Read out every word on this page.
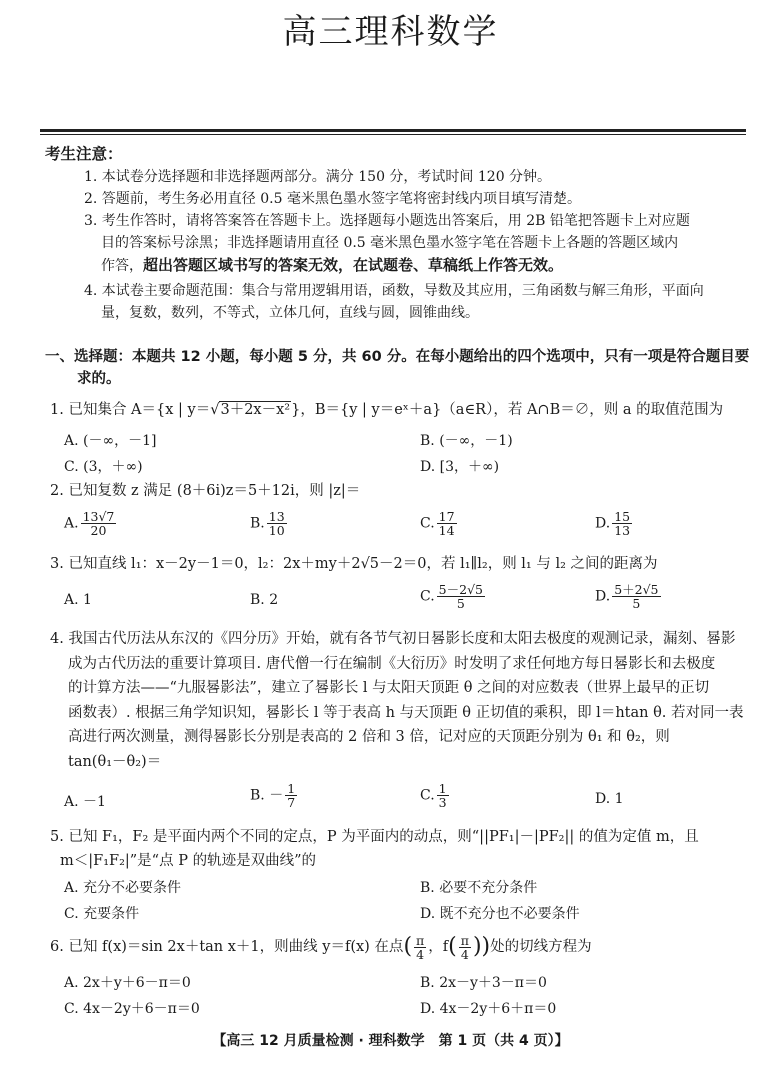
高三理科数学
考生注意：
1. 本试卷分选择题和非选择题两部分。满分 150 分，考试时间 120 分钟。
2. 答题前，考生务必用直径 0.5 毫米黑色墨水签字笔将密封线内项目填写清楚。
3. 考生作答时，请将答案答在答题卡上。选择题每小题选出答案后，用 2B 铅笔把答题卡上对应题
目的答案标号涂黑；非选择题请用直径 0.5 毫米黑色墨水签字笔在答题卡上各题的答题区域内
作答，超出答题区域书写的答案无效，在试题卷、草稿纸上作答无效。
4. 本试卷主要命题范围：集合与常用逻辑用语，函数，导数及其应用，三角函数与解三角形，平面向
量，复数，数列，不等式，立体几何，直线与圆，圆锥曲线。
一、选择题：本题共 12 小题，每小题 5 分，共 60 分。在每小题给出的四个选项中，只有一项是符合题目要
求的。
1. 已知集合 A＝{x | y＝√3＋2x－x²}，B＝{y | y＝eˣ＋a}（a∈R），若 A∩B＝∅，则 a 的取值范围为
A. (－∞，－1]	B. (－∞，－1)
C. (3，＋∞)	D. [3，＋∞)
2. 已知复数 z 满足 (8＋6i)z＝5＋12i，则 |z|＝
A. $\frac{13√7}{20}$	B. $\frac{13}{10}$	C. $\frac{17}{14}$	D. $\frac{15}{13}$
3. 已知直线 l₁：x－2y－1＝0，l₂：2x＋my＋2√5－2＝0，若 l₁∥l₂，则 l₁ 与 l₂ 之间的距离为
A. 1	B. 2	C. $\frac{5-2√5}{5}$	D. $\frac{5+2√5}{5}$
4. 我国古代历法从东汉的《四分历》开始，就有各节气初日晷影长度和太阳去极度的观测记录，漏刻、晷影
成为古代历法的重要计算项目. 唐代僧一行在编制《大衍历》时发明了求任何地方每日晷影长和去极度
的计算方法——“九服晷影法”，建立了晷影长 l 与太阳天顶距 θ 之间的对应数表（世界上最早的正切
函数表）. 根据三角学知识知，晷影长 l 等于表高 h 与天顶距 θ 正切值的乘积，即 l＝htan θ. 若对同一表
高进行两次测量，测得晷影长分别是表高的 2 倍和 3 倍，记对应的天顶距分别为 θ₁ 和 θ₂，则
tan(θ₁－θ₂)＝
A. －1	B. － $\frac{1}{7}$	C. $\frac{1}{3}$	D. 1
5. 已知 F₁，F₂ 是平面内两个不同的定点，P 为平面内的动点，则“||PF₁|－|PF₂|| 的值为定值 m，且
m＜|F₁F₂|”是“点 P 的轨迹是双曲线”的
A. 充分不必要条件	B. 必要不充分条件
C. 充要条件	D. 既不充分也不必要条件
6. 已知 f(x)＝sin 2x＋tan x＋1，则曲线 y＝f(x) 在点( $\frac{\pi}{4}$ ，$f( \frac{\pi}{4}$ ))处的切线方程为
A. 2x＋y＋6－π＝0	B. 2x－y＋3－π＝0
C. 4x－2y＋6－π＝0	D. 4x－2y＋6＋π＝0
【高三 12 月质量检测 · 理科数学　第 1 页（共 4 页）】
